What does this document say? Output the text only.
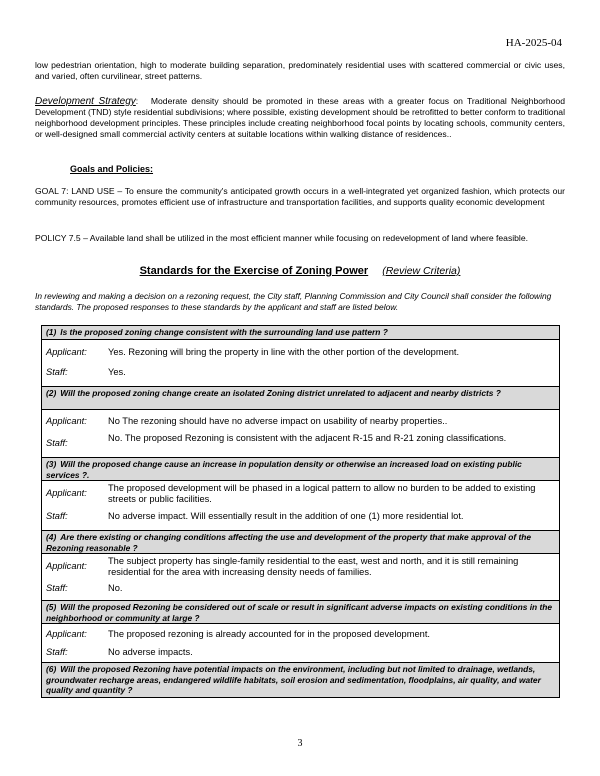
HA-2025-04

low pedestrian orientation, high to moderate building separation, predominately residential uses with scattered commercial or civic uses, and varied, often curvilinear, street patterns.

Development Strategy:   Moderate density should be promoted in these areas with a greater focus on Traditional Neighborhood Development (TND) style residential subdivisions; where possible, existing development should be retrofitted to better conform to traditional neighborhood development principles. These principles include creating neighborhood focal points by locating schools, community centers, or well-designed small commercial activity centers at suitable locations within walking distance of residences..

Goals and Policies:

GOAL 7: LAND USE – To ensure the community's anticipated growth occurs in a well-integrated yet organized fashion, which protects our community resources, promotes efficient use of infrastructure and transportation facilities, and supports quality economic development

POLICY 7.5 – Available land shall be utilized in the most efficient manner while focusing on redevelopment of land where feasible.

Standards for the Exercise of Zoning Power (Review Criteria)

In reviewing and making a decision on a rezoning request, the City staff, Planning Commission and City Council shall consider the following standards. The proposed responses to these standards by the applicant and staff are listed below.

(1) Is the proposed zoning change consistent with the surrounding land use pattern ?
Applicant:	Yes. Rezoning will bring the property in line with the other portion of the development.
Staff:	Yes.
(2) Will the proposed zoning change create an isolated Zoning district unrelated to adjacent and nearby districts ?
Applicant:	No The rezoning should have no adverse impact on usability of nearby properties..
Staff:	No. The proposed Rezoning is consistent with the adjacent R-15 and R-21 zoning classifications.
(3) Will the proposed change cause an increase in population density or otherwise an increased load on existing public services ?.
Applicant:	The proposed development will be phased in a logical pattern to allow no burden to be added to existing streets or public facilities.
Staff:	No adverse impact. Will essentially result in the addition of one (1) more residential lot.
(4) Are there existing or changing conditions affecting the use and development of the property that make approval of the Rezoning reasonable ?
Applicant:	The subject property has single-family residential to the east, west and north, and it is still remaining residential for the area with increasing density needs of families.
Staff:	No.
(5) Will the proposed Rezoning be considered out of scale or result in significant adverse impacts on existing conditions in the neighborhood or community at large ?
Applicant:	The proposed rezoning is already accounted for in the proposed development.
Staff:	No adverse impacts.
(6) Will the proposed Rezoning have potential impacts on the environment, including but not limited to drainage, wetlands, groundwater recharge areas, endangered wildlife habitats, soil erosion and sedimentation, floodplains, air quality, and water quality and quantity ?
3
